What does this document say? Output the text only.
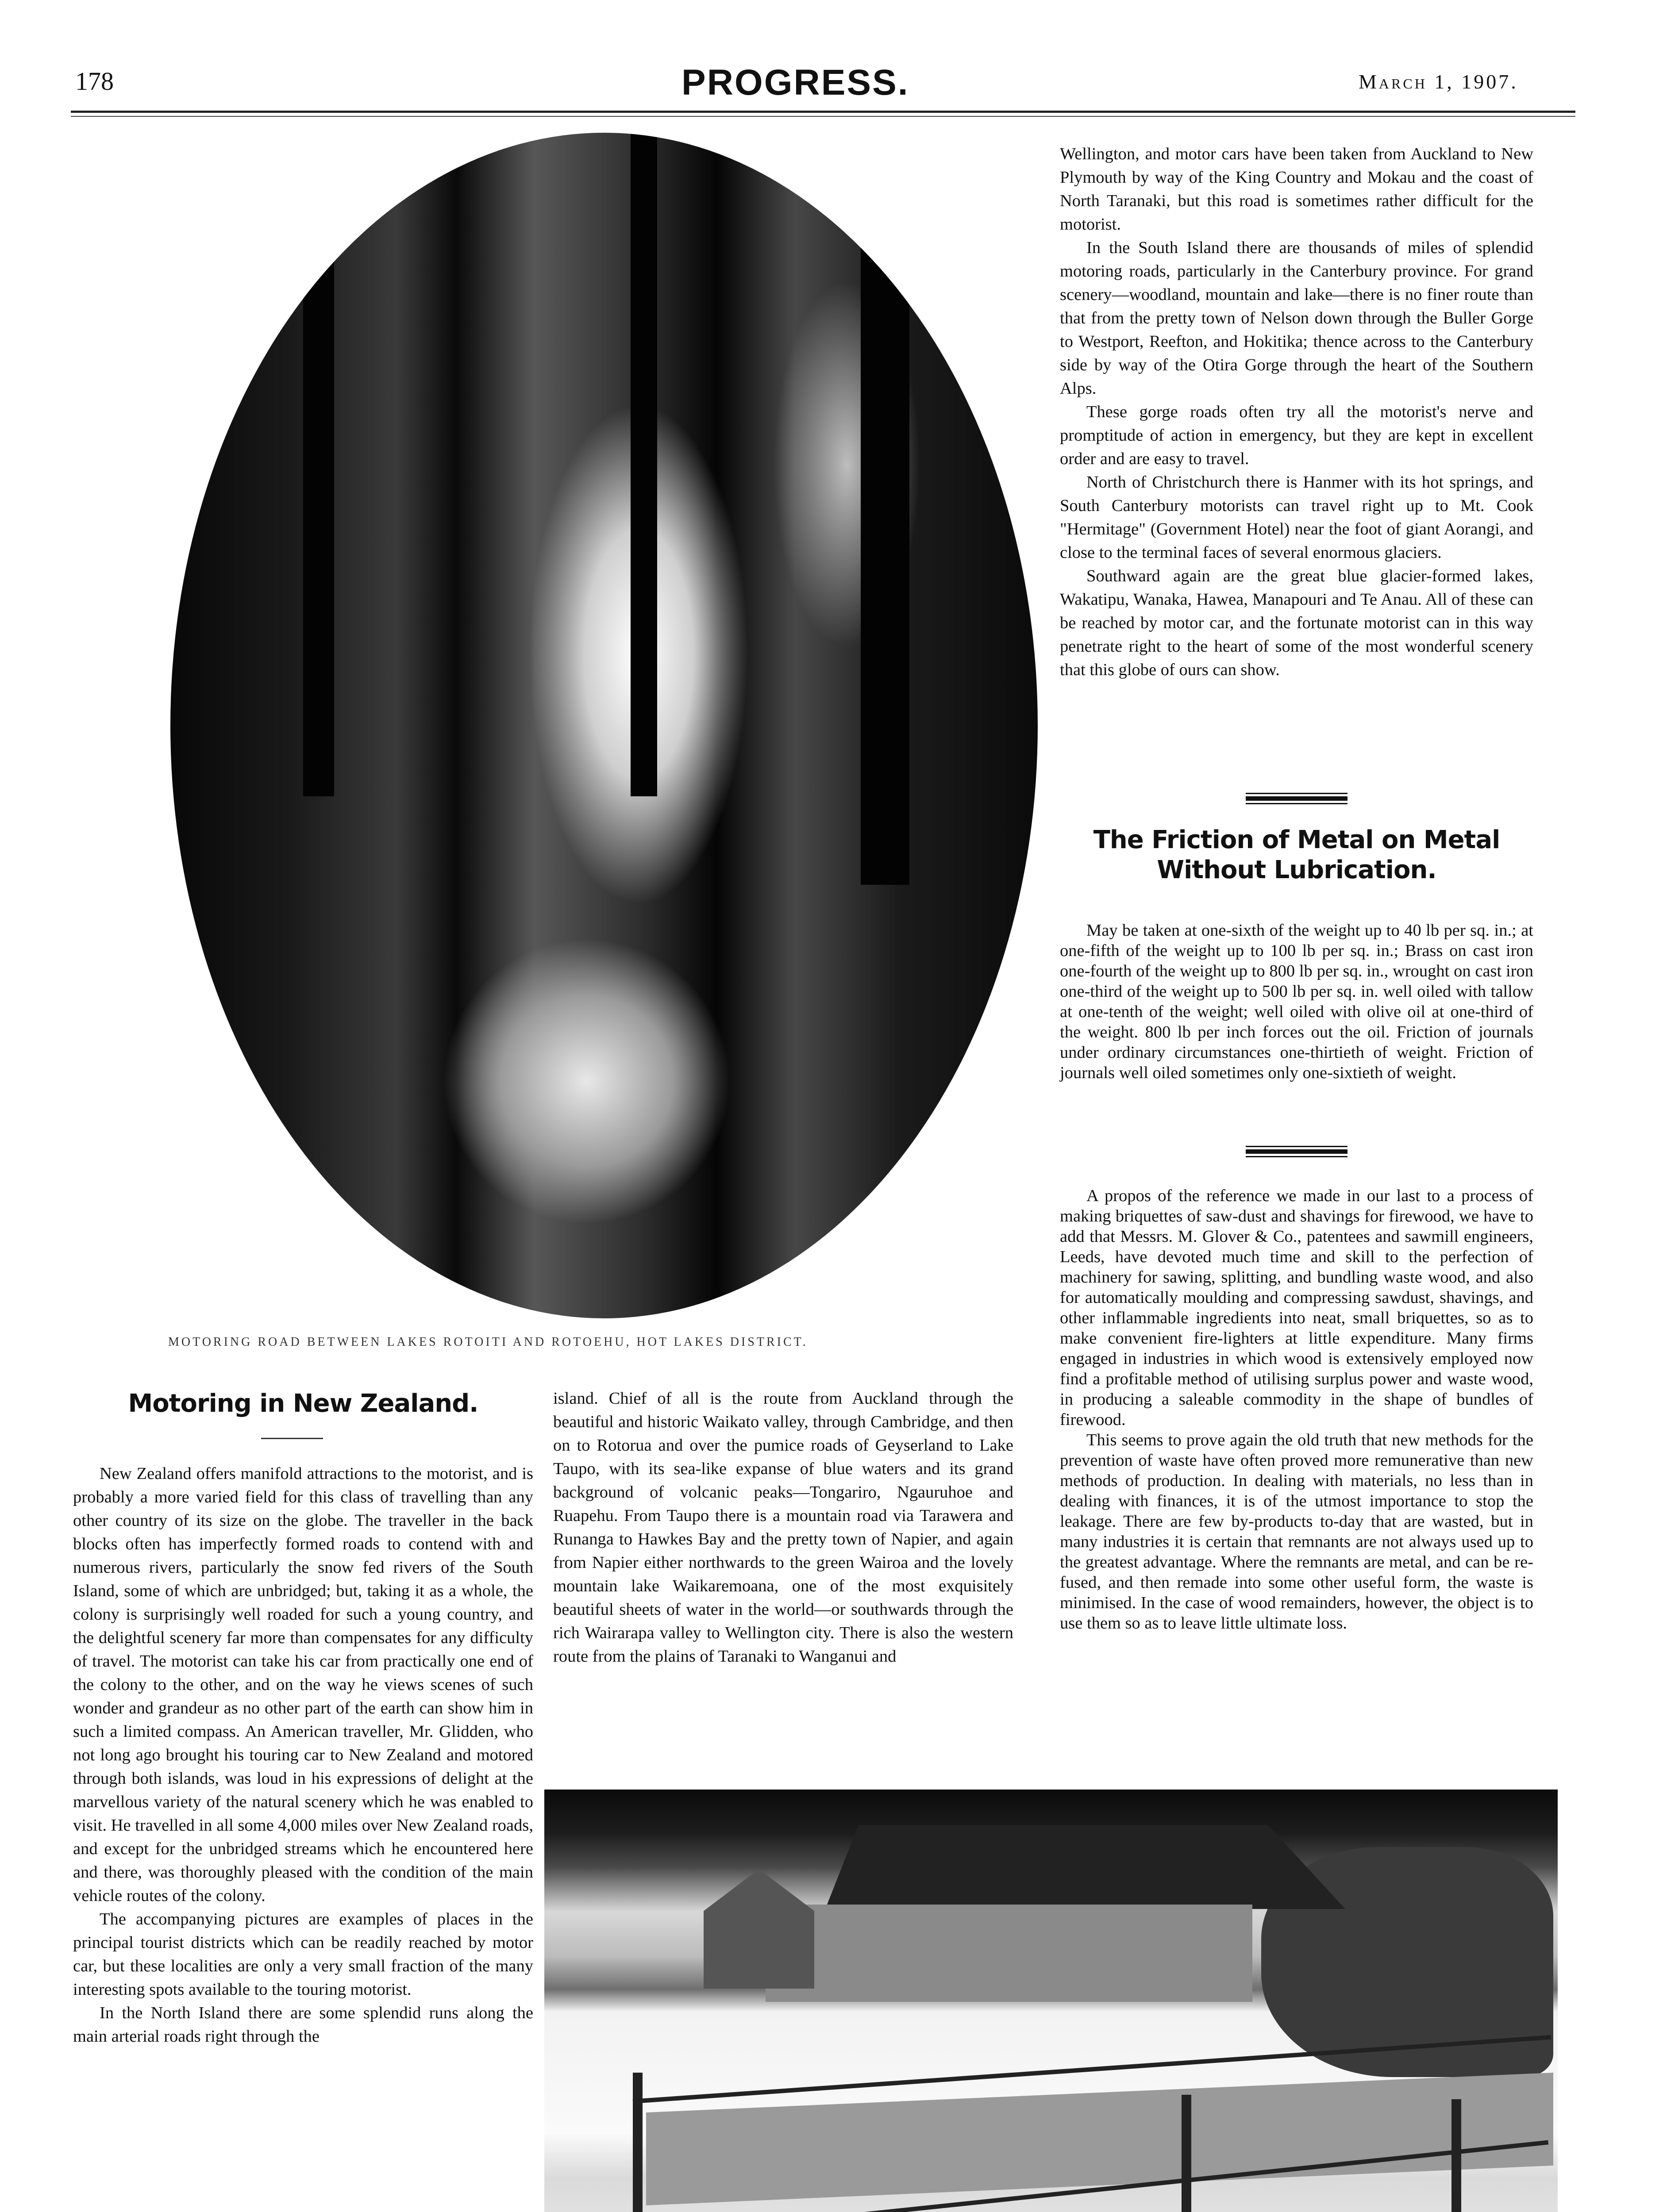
178	PROGRESS.	March 1, 1907.
MOTORING ROAD BETWEEN LAKES ROTOITI AND ROTOEHU, HOT LAKES DISTRICT.

Wellington, and motor cars have been taken from Auckland to New Plymouth by way of the King Country and Mokau and the coast of North Taranaki, but this road is sometimes rather difficult for the motorist.

In the South Island there are thousands of miles of splendid motoring roads, particularly in the Canterbury province. For grand scenery—woodland, mountain and lake—there is no finer route than that from the pretty town of Nelson down through the Buller Gorge to Westport, Reefton, and Hokitika; thence across to the Canterbury side by way of the Otira Gorge through the heart of the Southern Alps.

These gorge roads often try all the motorist's nerve and promptitude of action in emergency, but they are kept in excellent order and are easy to travel.

North of Christchurch there is Hanmer with its hot springs, and South Canterbury motorists can travel right up to Mt. Cook "Hermitage" (Government Hotel) near the foot of giant Aorangi, and close to the terminal faces of several enormous glaciers.

Southward again are the great blue glacier-formed lakes, Wakatipu, Wanaka, Hawea, Manapouri and Te Anau. All of these can be reached by motor car, and the fortunate motorist can in this way penetrate right to the heart of some of the most wonderful scenery that this globe of ours can show.

The Friction of Metal on Metal Without Lubrication.

May be taken at one-sixth of the weight up to 40 lb per sq. in.; at one-fifth of the weight up to 100 lb per sq. in.; Brass on cast iron one-fourth of the weight up to 800 lb per sq. in., wrought on cast iron one-third of the weight up to 500 lb per sq. in. well oiled with tallow at one-tenth of the weight; well oiled with olive oil at one-third of the weight. 800 lb per inch forces out the oil. Friction of journals under ordinary circumstances one-thirtieth of weight. Friction of journals well oiled sometimes only one-sixtieth of weight.

A propos of the reference we made in our last to a process of making briquettes of saw-dust and shavings for firewood, we have to add that Messrs. M. Glover & Co., patentees and sawmill engineers, Leeds, have devoted much time and skill to the perfection of machinery for sawing, splitting, and bundling waste wood, and also for automatically moulding and compressing sawdust, shavings, and other inflammable ingredients into neat, small briquettes, so as to make convenient fire-lighters at little expenditure. Many firms engaged in industries in which wood is extensively employed now find a profitable method of utilising surplus power and waste wood, in producing a saleable commodity in the shape of bundles of firewood.

This seems to prove again the old truth that new methods for the prevention of waste have often proved more remunerative than new methods of production. In dealing with materials, no less than in dealing with finances, it is of the utmost importance to stop the leakage. There are few by-products to-day that are wasted, but in many industries it is certain that remnants are not always used up to the greatest advantage. Where the remnants are metal, and can be re-fused, and then remade into some other useful form, the waste is minimised. In the case of wood remainders, however, the object is to use them so as to leave little ultimate loss.

Motoring in New Zealand.

New Zealand offers manifold attractions to the motorist, and is probably a more varied field for this class of travelling than any other country of its size on the globe. The traveller in the back blocks often has imperfectly formed roads to contend with and numerous rivers, particularly the snow fed rivers of the South Island, some of which are unbridged; but, taking it as a whole, the colony is surprisingly well roaded for such a young country, and the delightful scenery far more than compensates for any difficulty of travel. The motorist can take his car from practically one end of the colony to the other, and on the way he views scenes of such wonder and grandeur as no other part of the earth can show him in such a limited compass. An American traveller, Mr. Glidden, who not long ago brought his touring car to New Zealand and motored through both islands, was loud in his expressions of delight at the marvellous variety of the natural scenery which he was enabled to visit. He travelled in all some 4,000 miles over New Zealand roads, and except for the unbridged streams which he encountered here and there, was thoroughly pleased with the condition of the main vehicle routes of the colony.

The accompanying pictures are examples of places in the principal tourist districts which can be readily reached by motor car, but these localities are only a very small fraction of the many interesting spots available to the touring motorist.

In the North Island there are some splendid runs along the main arterial roads right through the

island. Chief of all is the route from Auckland through the beautiful and historic Waikato valley, through Cambridge, and then on to Rotorua and over the pumice roads of Geyserland to Lake Taupo, with its sea-like expanse of blue waters and its grand background of volcanic peaks—Tongariro, Ngauruhoe and Ruapehu. From Taupo there is a mountain road via Tarawera and Runanga to Hawkes Bay and the pretty town of Napier, and again from Napier either northwards to the green Wairoa and the lovely mountain lake Waikaremoana, one of the most exquisitely beautiful sheets of water in the world—or southwards through the rich Wairarapa valley to Wellington city. There is also the western route from the plains of Taranaki to Wanganui and
